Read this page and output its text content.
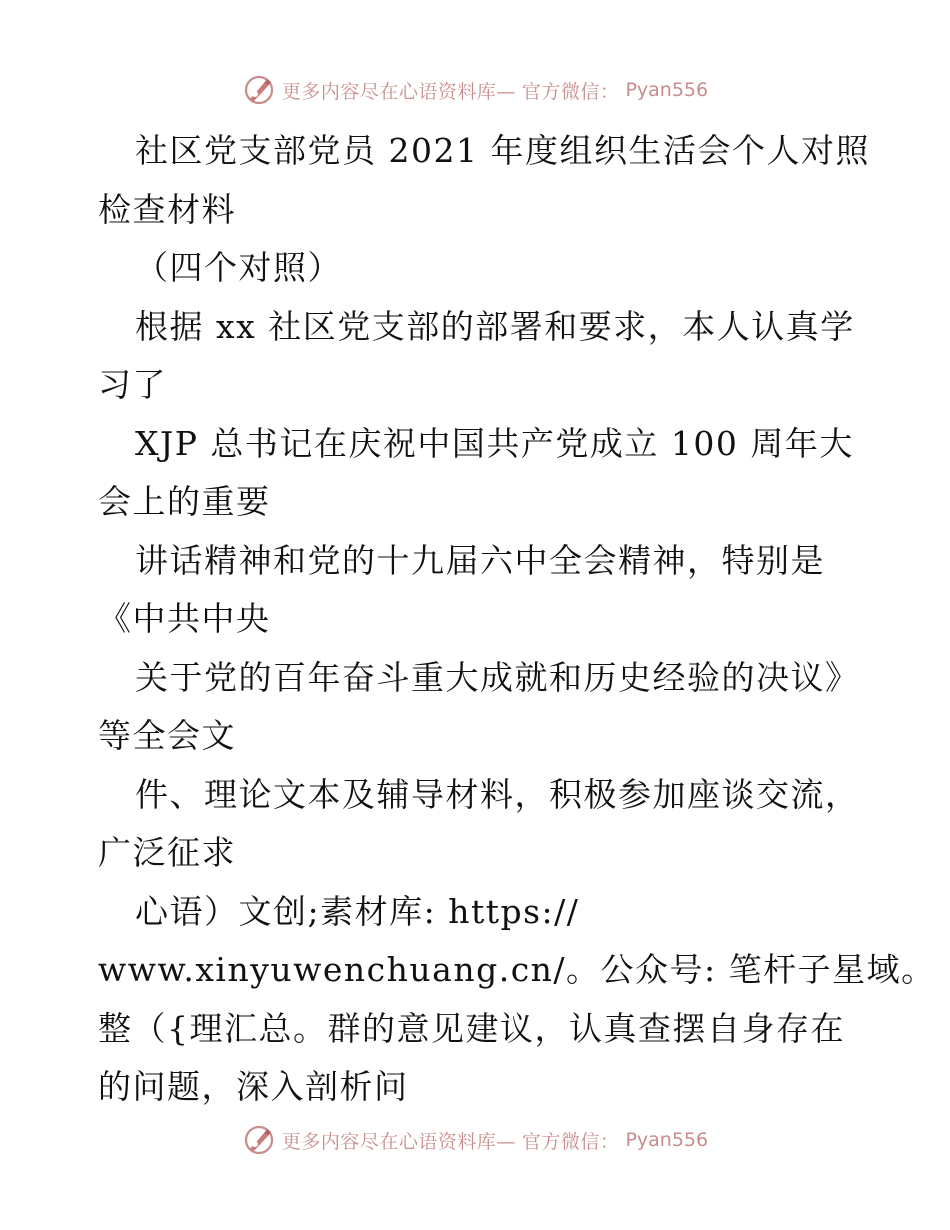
更多内容尽在心语资料库— 官方微信： Pyan556
社区党支部党员 2021 年度组织生活会个人对照
检查材料
（四个对照）
根据 xx 社区党支部的部署和要求，本人认真学
习了
XJP 总书记在庆祝中国共产党成立 100 周年大
会上的重要
讲话精神和党的十九届六中全会精神，特别是
《中共中央
关于党的百年奋斗重大成就和历史经验的决议》
等全会文
件、理论文本及辅导材料，积极参加座谈交流，
广泛征求
心语）文创;素材库: https://
www.xinyuwenchuang.cn/。公众号: 笔杆子星域。
整（{理汇总。群的意见建议，认真查摆自身存在
的问题，深入剖析问
更多内容尽在心语资料库— 官方微信： Pyan556
